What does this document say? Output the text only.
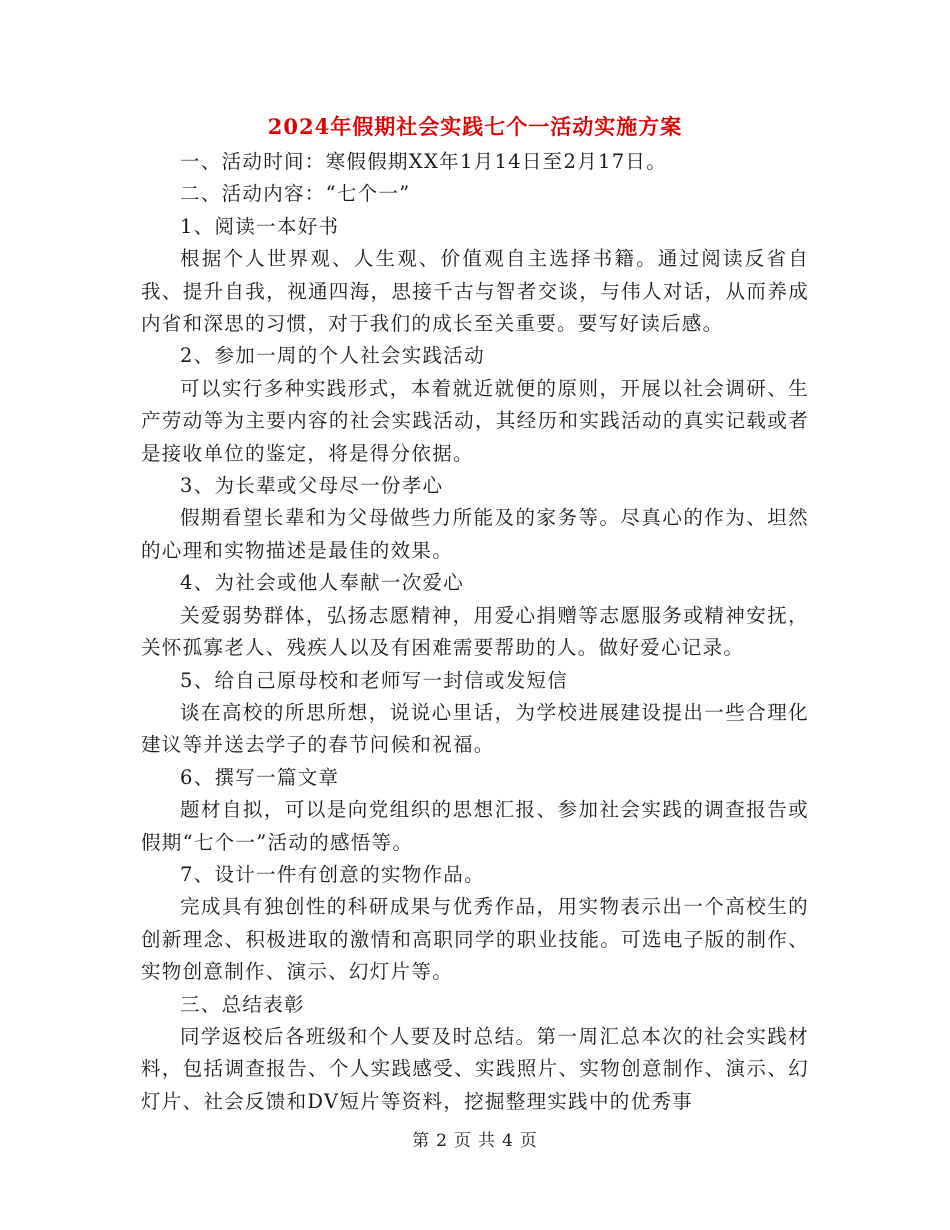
2024年假期社会实践七个一活动实施方案

一、活动时间：寒假假期XX年1月14日至2月17日。

二、活动内容：“七个一”

1、阅读一本好书

根据个人世界观、人生观、价值观自主选择书籍。通过阅读反省自我、提升自我，视通四海，思接千古与智者交谈，与伟人对话，从而养成内省和深思的习惯，对于我们的成长至关重要。要写好读后感。

2、参加一周的个人社会实践活动

可以实行多种实践形式，本着就近就便的原则，开展以社会调研、生产劳动等为主要内容的社会实践活动，其经历和实践活动的真实记载或者是接收单位的鉴定，将是得分依据。

3、为长辈或父母尽一份孝心

假期看望长辈和为父母做些力所能及的家务等。尽真心的作为、坦然的心理和实物描述是最佳的效果。

4、为社会或他人奉献一次爱心

关爱弱势群体，弘扬志愿精神，用爱心捐赠等志愿服务或精神安抚，关怀孤寡老人、残疾人以及有困难需要帮助的人。做好爱心记录。

5、给自己原母校和老师写一封信或发短信

谈在高校的所思所想，说说心里话，为学校进展建设提出一些合理化建议等并送去学子的春节问候和祝福。

6、撰写一篇文章

题材自拟，可以是向党组织的思想汇报、参加社会实践的调查报告或假期“七个一”活动的感悟等。

7、设计一件有创意的实物作品。

完成具有独创性的科研成果与优秀作品，用实物表示出一个高校生的创新理念、积极进取的激情和高职同学的职业技能。可选电子版的制作、实物创意制作、演示、幻灯片等。

三、总结表彰

同学返校后各班级和个人要及时总结。第一周汇总本次的社会实践材料，包括调查报告、个人实践感受、实践照片、实物创意制作、演示、幻灯片、社会反馈和DV短片等资料，挖掘整理实践中的优秀事

第 2 页 共 4 页
